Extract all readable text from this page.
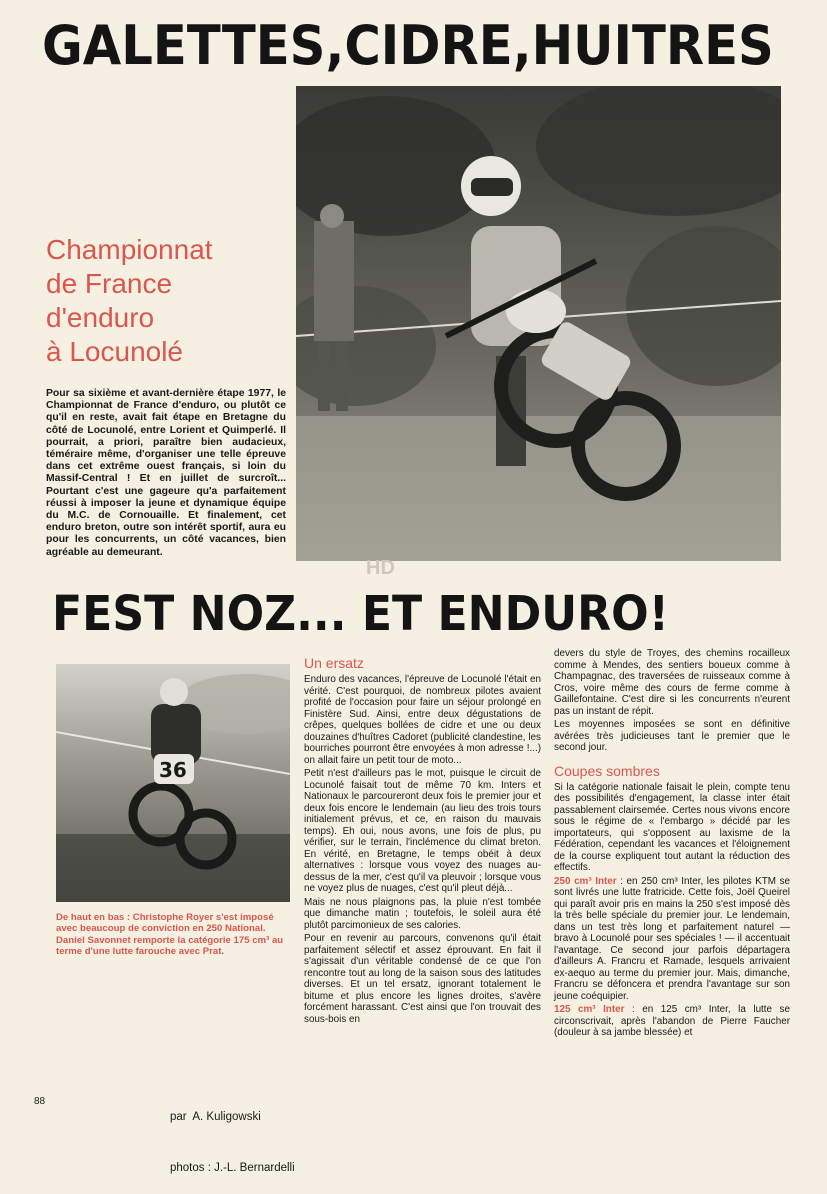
GALETTES,CIDRE,HUITRES
Championnat
de France
d'enduro
à Locunolé
Pour sa sixième et avant-dernière étape 1977, le Championnat de France d'enduro, ou plutôt ce qu'il en reste, avait fait étape en Bretagne du côté de Locunolé, entre Lorient et Quimperlé. Il pourrait, a priori, paraître bien audacieux, téméraire même, d'organiser une telle épreuve dans cet extrême ouest français, si loin du Massif-Central ! Et en juillet de surcroît... Pourtant c'est une gageure qu'a parfaitement réussi à imposer la jeune et dynamique équipe du M.C. de Cornouaille. Et finalement, cet enduro breton, outre son intérêt sportif, aura eu pour les concurrents, un côté vacances, bien agréable au demeurant.
HD
FEST NOZ... ET ENDURO!
36

De haut en bas : Christophe Royer s'est imposé avec beaucoup de conviction en 250 National.

Daniel Savonnet remporte la catégorie 175 cm³ au terme d'une lutte farouche avec Prat.

par  A. Kuligowski

photos : J.-L. Bernardelli

88

Un ersatz

Enduro des vacances, l'épreuve de Locunolé l'était en vérité. C'est pourquoi, de nombreux pilotes avaient profité de l'occasion pour faire un séjour prolongé en Finistère Sud. Ainsi, entre deux dégustations de crêpes, quelques bollées de cidre et une ou deux douzaines d'huîtres Cadoret (publicité clandestine, les bourriches pourront être envoyées à mon adresse !...) on allait faire un petit tour de moto...

Petit n'est d'ailleurs pas le mot, puisque le circuit de Locunolé faisait tout de même 70 km. Inters et Nationaux le parcoureront deux fois le premier jour et deux fois encore le lendemain (au lieu des trois tours initialement prévus, et ce, en raison du mauvais temps). Eh oui, nous avons, une fois de plus, pu vérifier, sur le terrain, l'inclémence du climat breton. En vérité, en Bretagne, le temps obéit à deux alternatives : lorsque vous voyez des nuages au-dessus de la mer, c'est qu'il va pleuvoir ; lorsque vous ne voyez plus de nuages, c'est qu'il pleut déjà...

Mais ne nous plaignons pas, la pluie n'est tombée que dimanche matin ; toutefois, le soleil aura été plutôt parcimonieux de ses calories.

Pour en revenir au parcours, convenons qu'il était parfaitement sélectif et assez éprouvant. En fait il s'agissait d'un véritable condensé de ce que l'on rencontre tout au long de la saison sous des latitudes diverses. Et un tel ersatz, ignorant totalement le bitume et plus encore les lignes droites, s'avère forcément harassant. C'est ainsi que l'on trouvait des sous-bois en

devers du style de Troyes, des chemins rocailleux comme à Mendes, des sentiers boueux comme à Champagnac, des traversées de ruisseaux comme à Cros, voire même des cours de ferme comme à Gaillefontaine. C'est dire si les concurrents n'eurent pas un instant de répit.

Les moyennes imposées se sont en définitive avérées très judicieuses tant le premier que le second jour.

Coupes sombres

Si la catégorie nationale faisait le plein, compte tenu des possibilités d'engagement, la classe inter était passablement clairsemée. Certes nous vivons encore sous le régime de « l'embargo » décidé par les importateurs, qui s'opposent au laxisme de la Fédération, cependant les vacances et l'éloignement de la course expliquent tout autant la réduction des effectifs.

250 cm³ Inter : en 250 cm³ Inter, les pilotes KTM se sont livrés une lutte fratricide. Cette fois, Joël Queirel qui paraît avoir pris en mains la 250 s'est imposé dès la très belle spéciale du premier jour. Le lendemain, dans un test très long et parfaitement naturel — bravo à Locunolé pour ses spéciales ! — il accentuait l'avantage. Ce second jour parfois départagera d'ailleurs A. Francru et Ramade, lesquels arrivaient ex-aequo au terme du premier jour. Mais, dimanche, Francru se défoncera et prendra l'avantage sur son jeune coéquipier.

125 cm³ Inter : en 125 cm³ Inter, la lutte se circonscrivait, après l'abandon de Pierre Faucher (douleur à sa jambe blessée) et
